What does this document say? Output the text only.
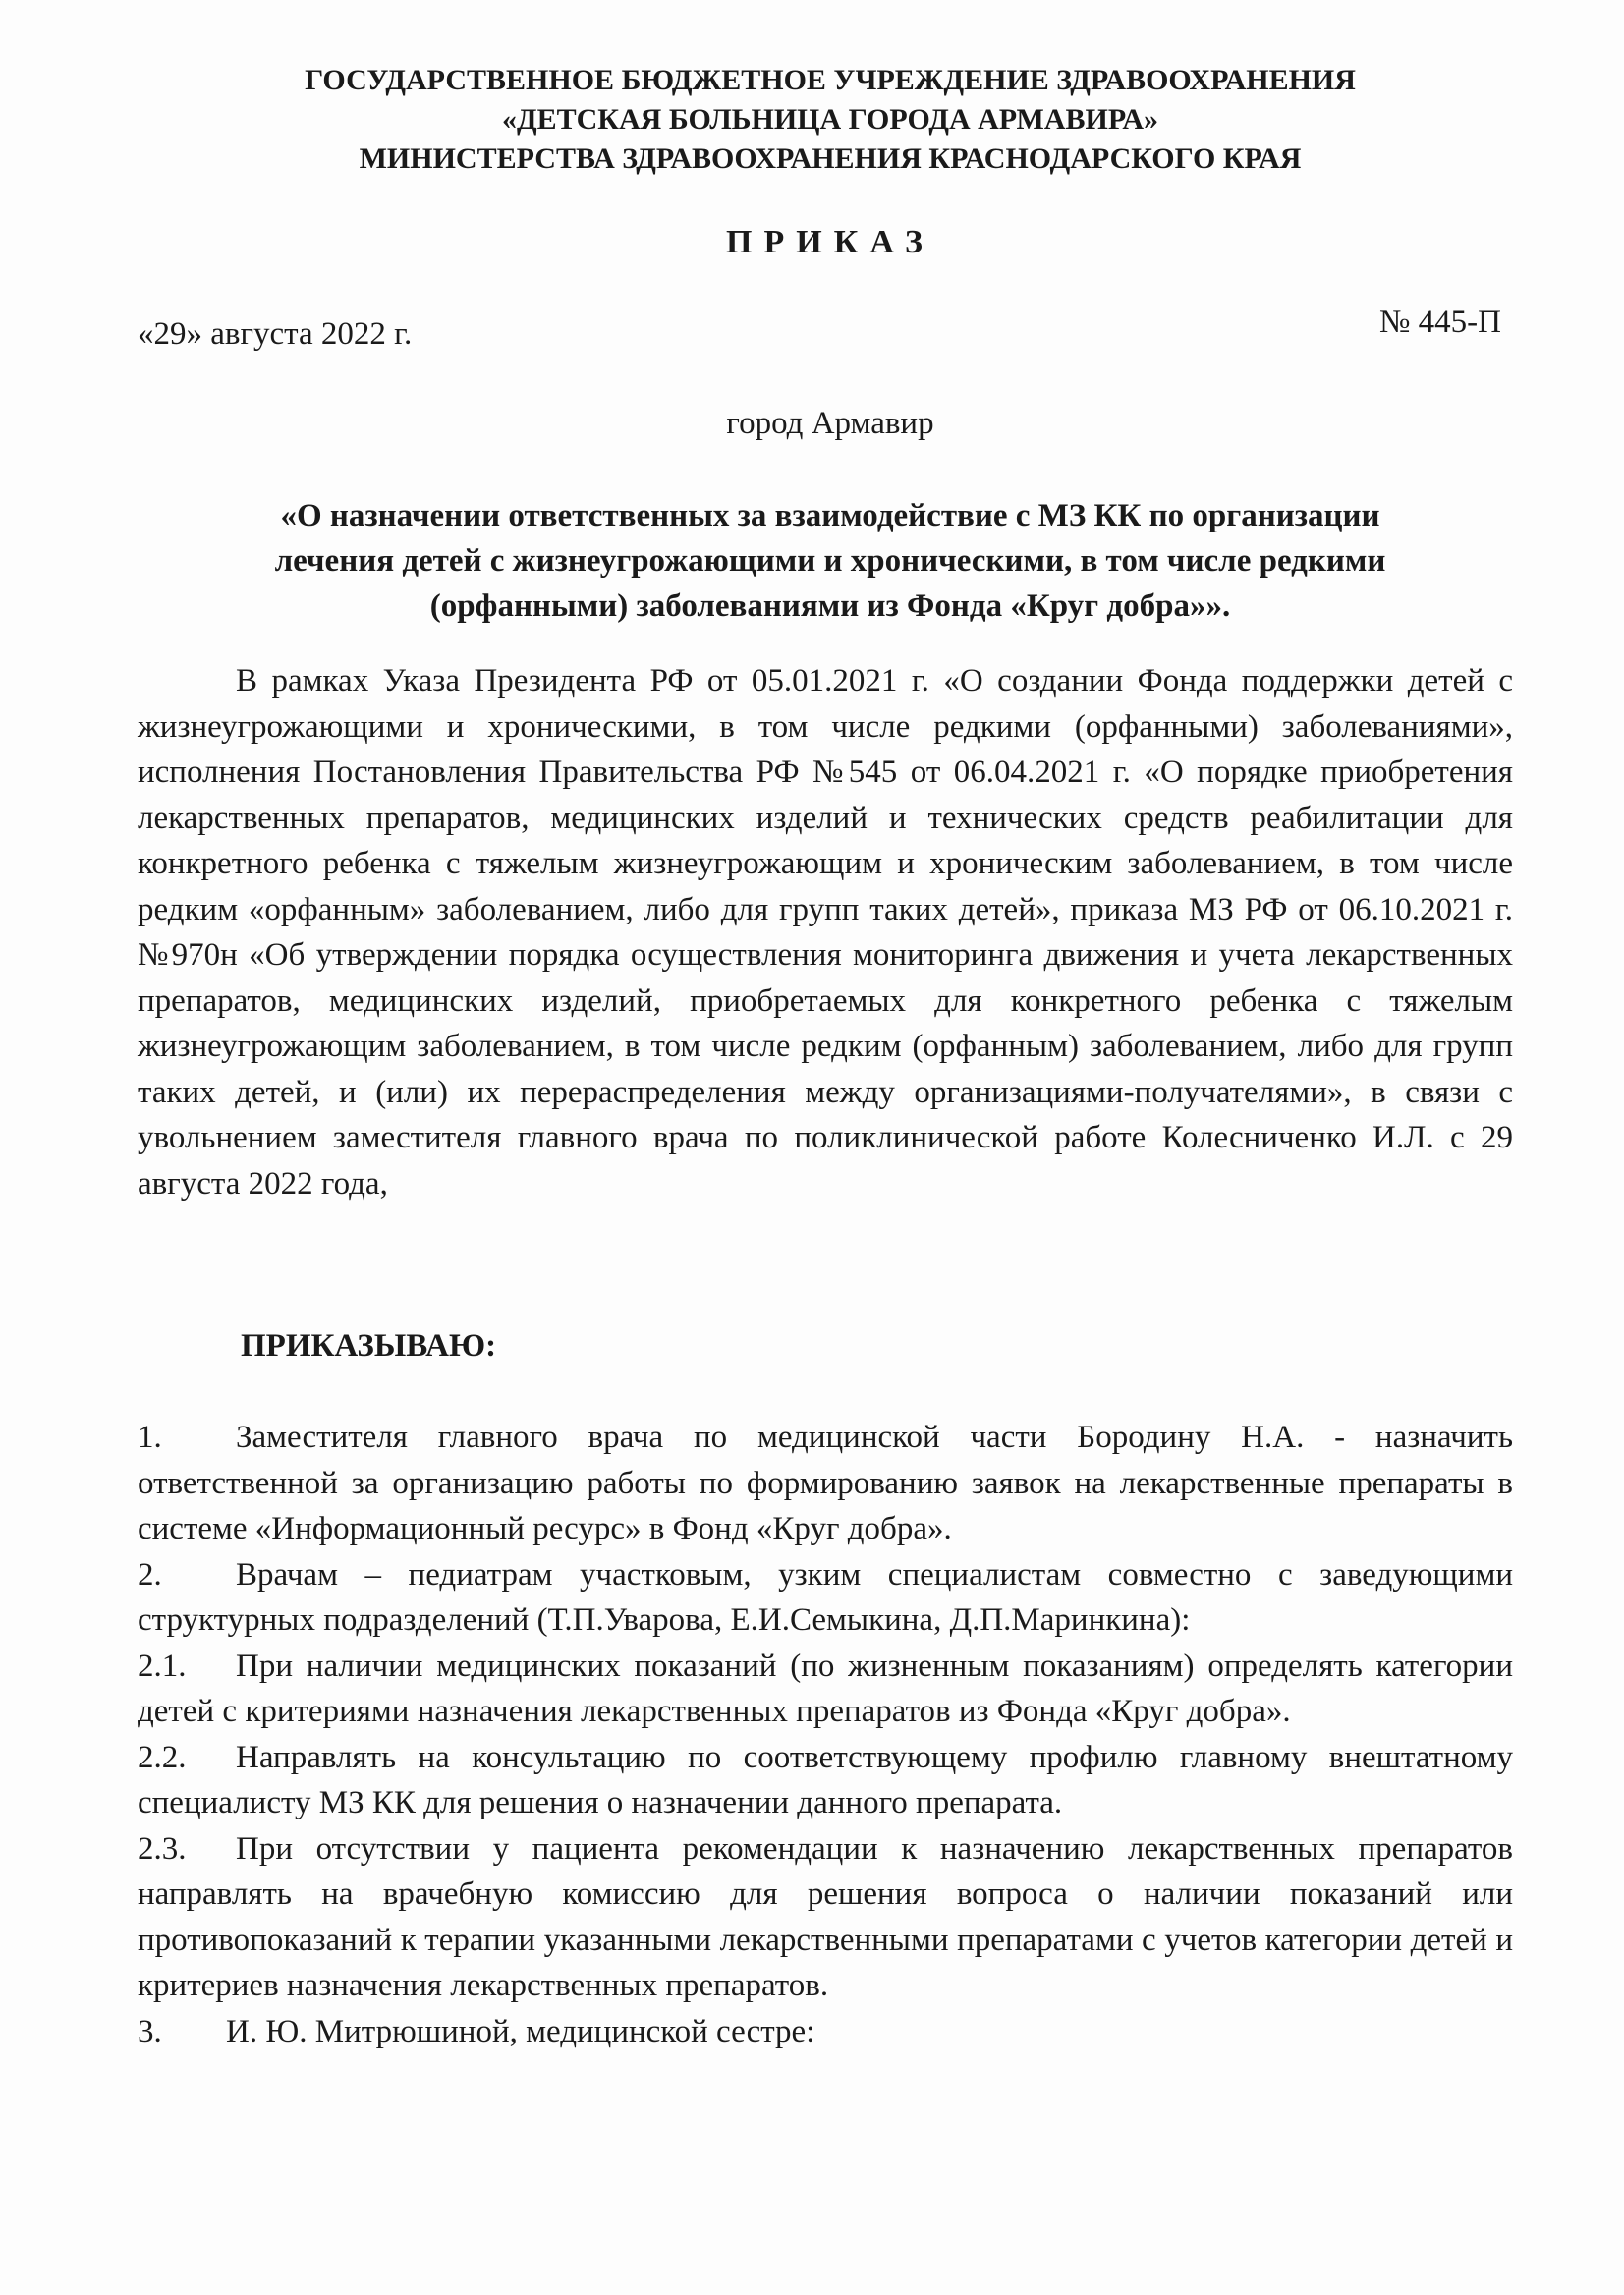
ГОСУДАРСТВЕННОЕ БЮДЖЕТНОЕ УЧРЕЖДЕНИЕ ЗДРАВООХРАНЕНИЯ
«ДЕТСКАЯ БОЛЬНИЦА ГОРОДА АРМАВИРА»
МИНИСТЕРСТВА ЗДРАВООХРАНЕНИЯ КРАСНОДАРСКОГО КРАЯ
ПРИКАЗ
«29» августа 2022 г.	№ 445-П
город Армавир
«О назначении ответственных за взаимодействие с МЗ КК по организации
лечения детей с жизнеугрожающими и хроническими, в том числе редкими
(орфанными) заболеваниями из Фонда «Круг добра»».
В рамках Указа Президента РФ от 05.01.2021 г. «О создании Фонда поддержки детей с жизнеугрожающими и хроническими, в том числе редкими (орфанными) заболеваниями», исполнения Постановления Правительства РФ №545 от 06.04.2021 г. «О порядке приобретения лекарственных препаратов, медицинских изделий и технических средств реабилитации для конкретного ребенка с тяжелым жизнеугрожающим и хроническим заболеванием, в том числе редким «орфанным» заболеванием, либо для групп таких детей», приказа МЗ РФ от 06.10.2021 г. №970н «Об утверждении порядка осуществления мониторинга движения и учета лекарственных препаратов, медицинских изделий, приобретаемых для конкретного ребенка с тяжелым жизнеугрожающим заболеванием, в том числе редким (орфанным) заболеванием, либо для групп таких детей, и (или) их перераспределения между организациями-получателями», в связи с увольнением заместителя главного врача по поликлинической работе Колесниченко И.Л. с 29 августа 2022 года,
ПРИКАЗЫВАЮ:

1. Заместителя главного врача по медицинской части Бородину Н.А. - назначить ответственной за организацию работы по формированию заявок на лекарственные препараты в системе «Информационный ресурс» в Фонд «Круг добра».

2. Врачам – педиатрам участковым, узким специалистам совместно с заведующими структурных подразделений (Т.П.Уварова, Е.И.Семыкина, Д.П.Маринкина):

2.1. При наличии медицинских показаний (по жизненным показаниям) определять категории детей с критериями назначения лекарственных препаратов из Фонда «Круг добра».

2.2. Направлять на консультацию по соответствующему профилю главному внештатному специалисту МЗ КК для решения о назначении данного препарата.

2.3. При отсутствии у пациента рекомендации к назначению лекарственных препаратов направлять на врачебную комиссию для решения вопроса о наличии показаний или противопоказаний к терапии указанными лекарственными препаратами с учетов категории детей и критериев назначения лекарственных препаратов.

3. И. Ю. Митрюшиной, медицинской сестре:
